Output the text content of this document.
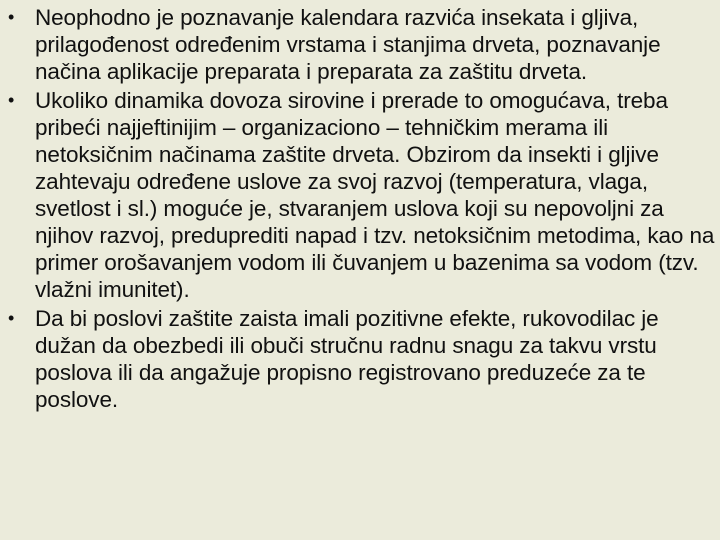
• Neophodno je poznavanje kalendara razvića insekata i gljiva, prilagođenost određenim vrstama i stanjima drveta, poznavanje načina aplikacije preparata i preparata za zaštitu drveta.
• Ukoliko dinamika dovoza sirovine i prerade to omogućava, treba pribeći najjeftinijim – organizaciono – tehničkim merama ili netoksičnim načinama zaštite drveta. Obzirom da insekti i gljive zahtevaju određene uslove za svoj razvoj (temperatura, vlaga, svetlost i sl.) moguće je, stvaranjem uslova koji su nepovoljni za njihov razvoj, preduprediti napad i tzv. netoksičnim metodima, kao na primer orošavanjem vodom ili čuvanjem u bazenima sa vodom (tzv. vlažni imunitet).
• Da bi poslovi zaštite zaista imali pozitivne efekte, rukovodilac je dužan da obezbedi ili obuči stručnu radnu snagu za takvu vrstu poslova ili da angažuje propisno registrovano preduzeće za te poslove.
